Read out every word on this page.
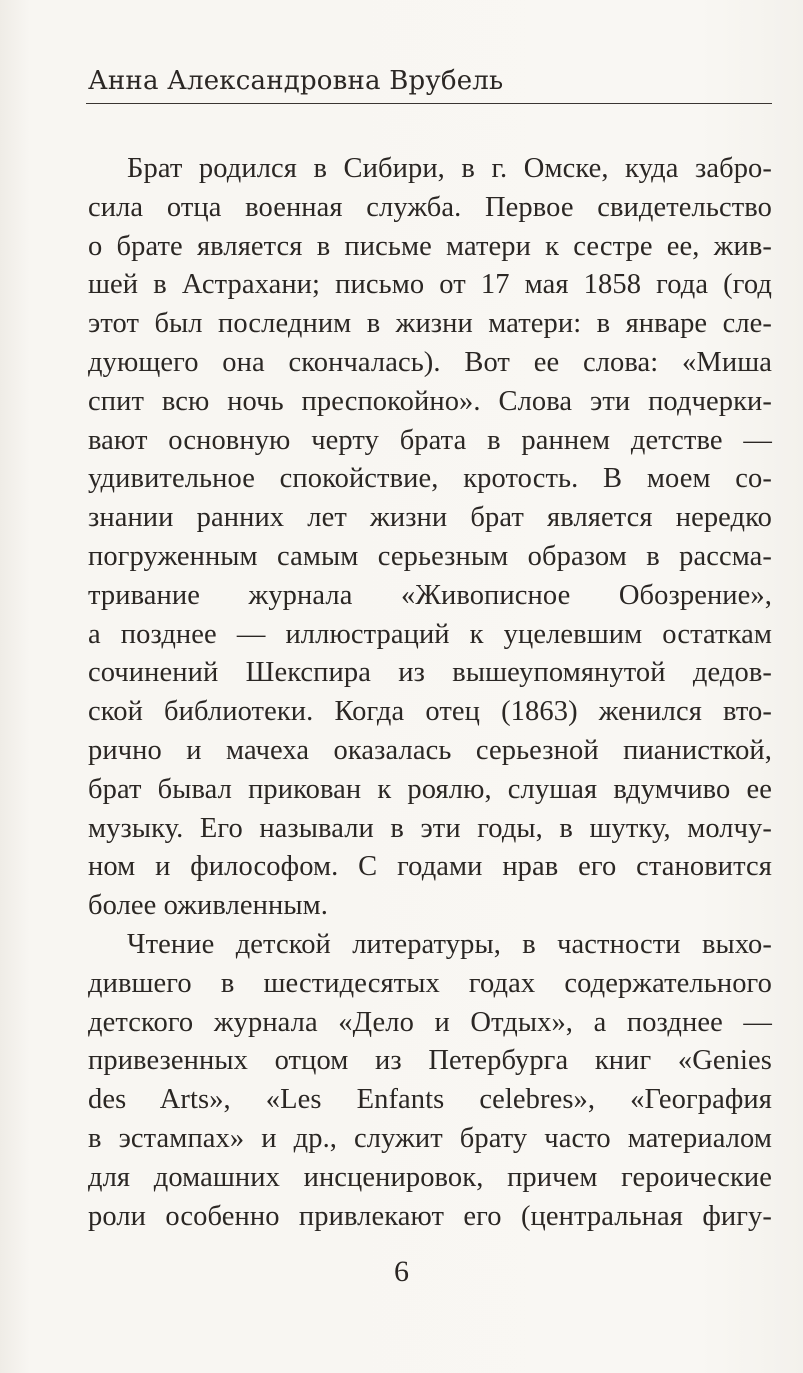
Анна Александровна Врубель
Брат родился в Сибири, в г. Омске, куда забро-
сила отца военная служба. Первое свидетельство
о брате является в письме матери к сестре ее, жив-
шей в Астрахани; письмо от 17 мая 1858 года (год
этот был последним в жизни матери: в январе сле-
дующего она скончалась). Вот ее слова: «Миша
спит всю ночь преспокойно». Слова эти подчерки-
вают основную черту брата в раннем детстве —
удивительное спокойствие, кротость. В моем со-
знании ранних лет жизни брат является нередко
погруженным самым серьезным образом в рассма-
тривание журнала «Живописное Обозрение»,
а позднее — иллюстраций к уцелевшим остаткам
сочинений Шекспира из вышеупомянутой дедов-
ской библиотеки. Когда отец (1863) женился вто-
рично и мачеха оказалась серьезной пианисткой,
брат бывал прикован к роялю, слушая вдумчиво ее
музыку. Его называли в эти годы, в шутку, молчу-
ном и философом. С годами нрав его становится
более оживленным.
Чтение детской литературы, в частности выхо-
дившего в шестидесятых годах содержательного
детского журнала «Дело и Отдых», а позднее —
привезенных отцом из Петербурга книг «Genies
des Arts», «Les Enfants celebres», «География
в эстампах» и др., служит брату часто материалом
для домашних инсценировок, причем героические
роли особенно привлекают его (центральная фигу-
6
